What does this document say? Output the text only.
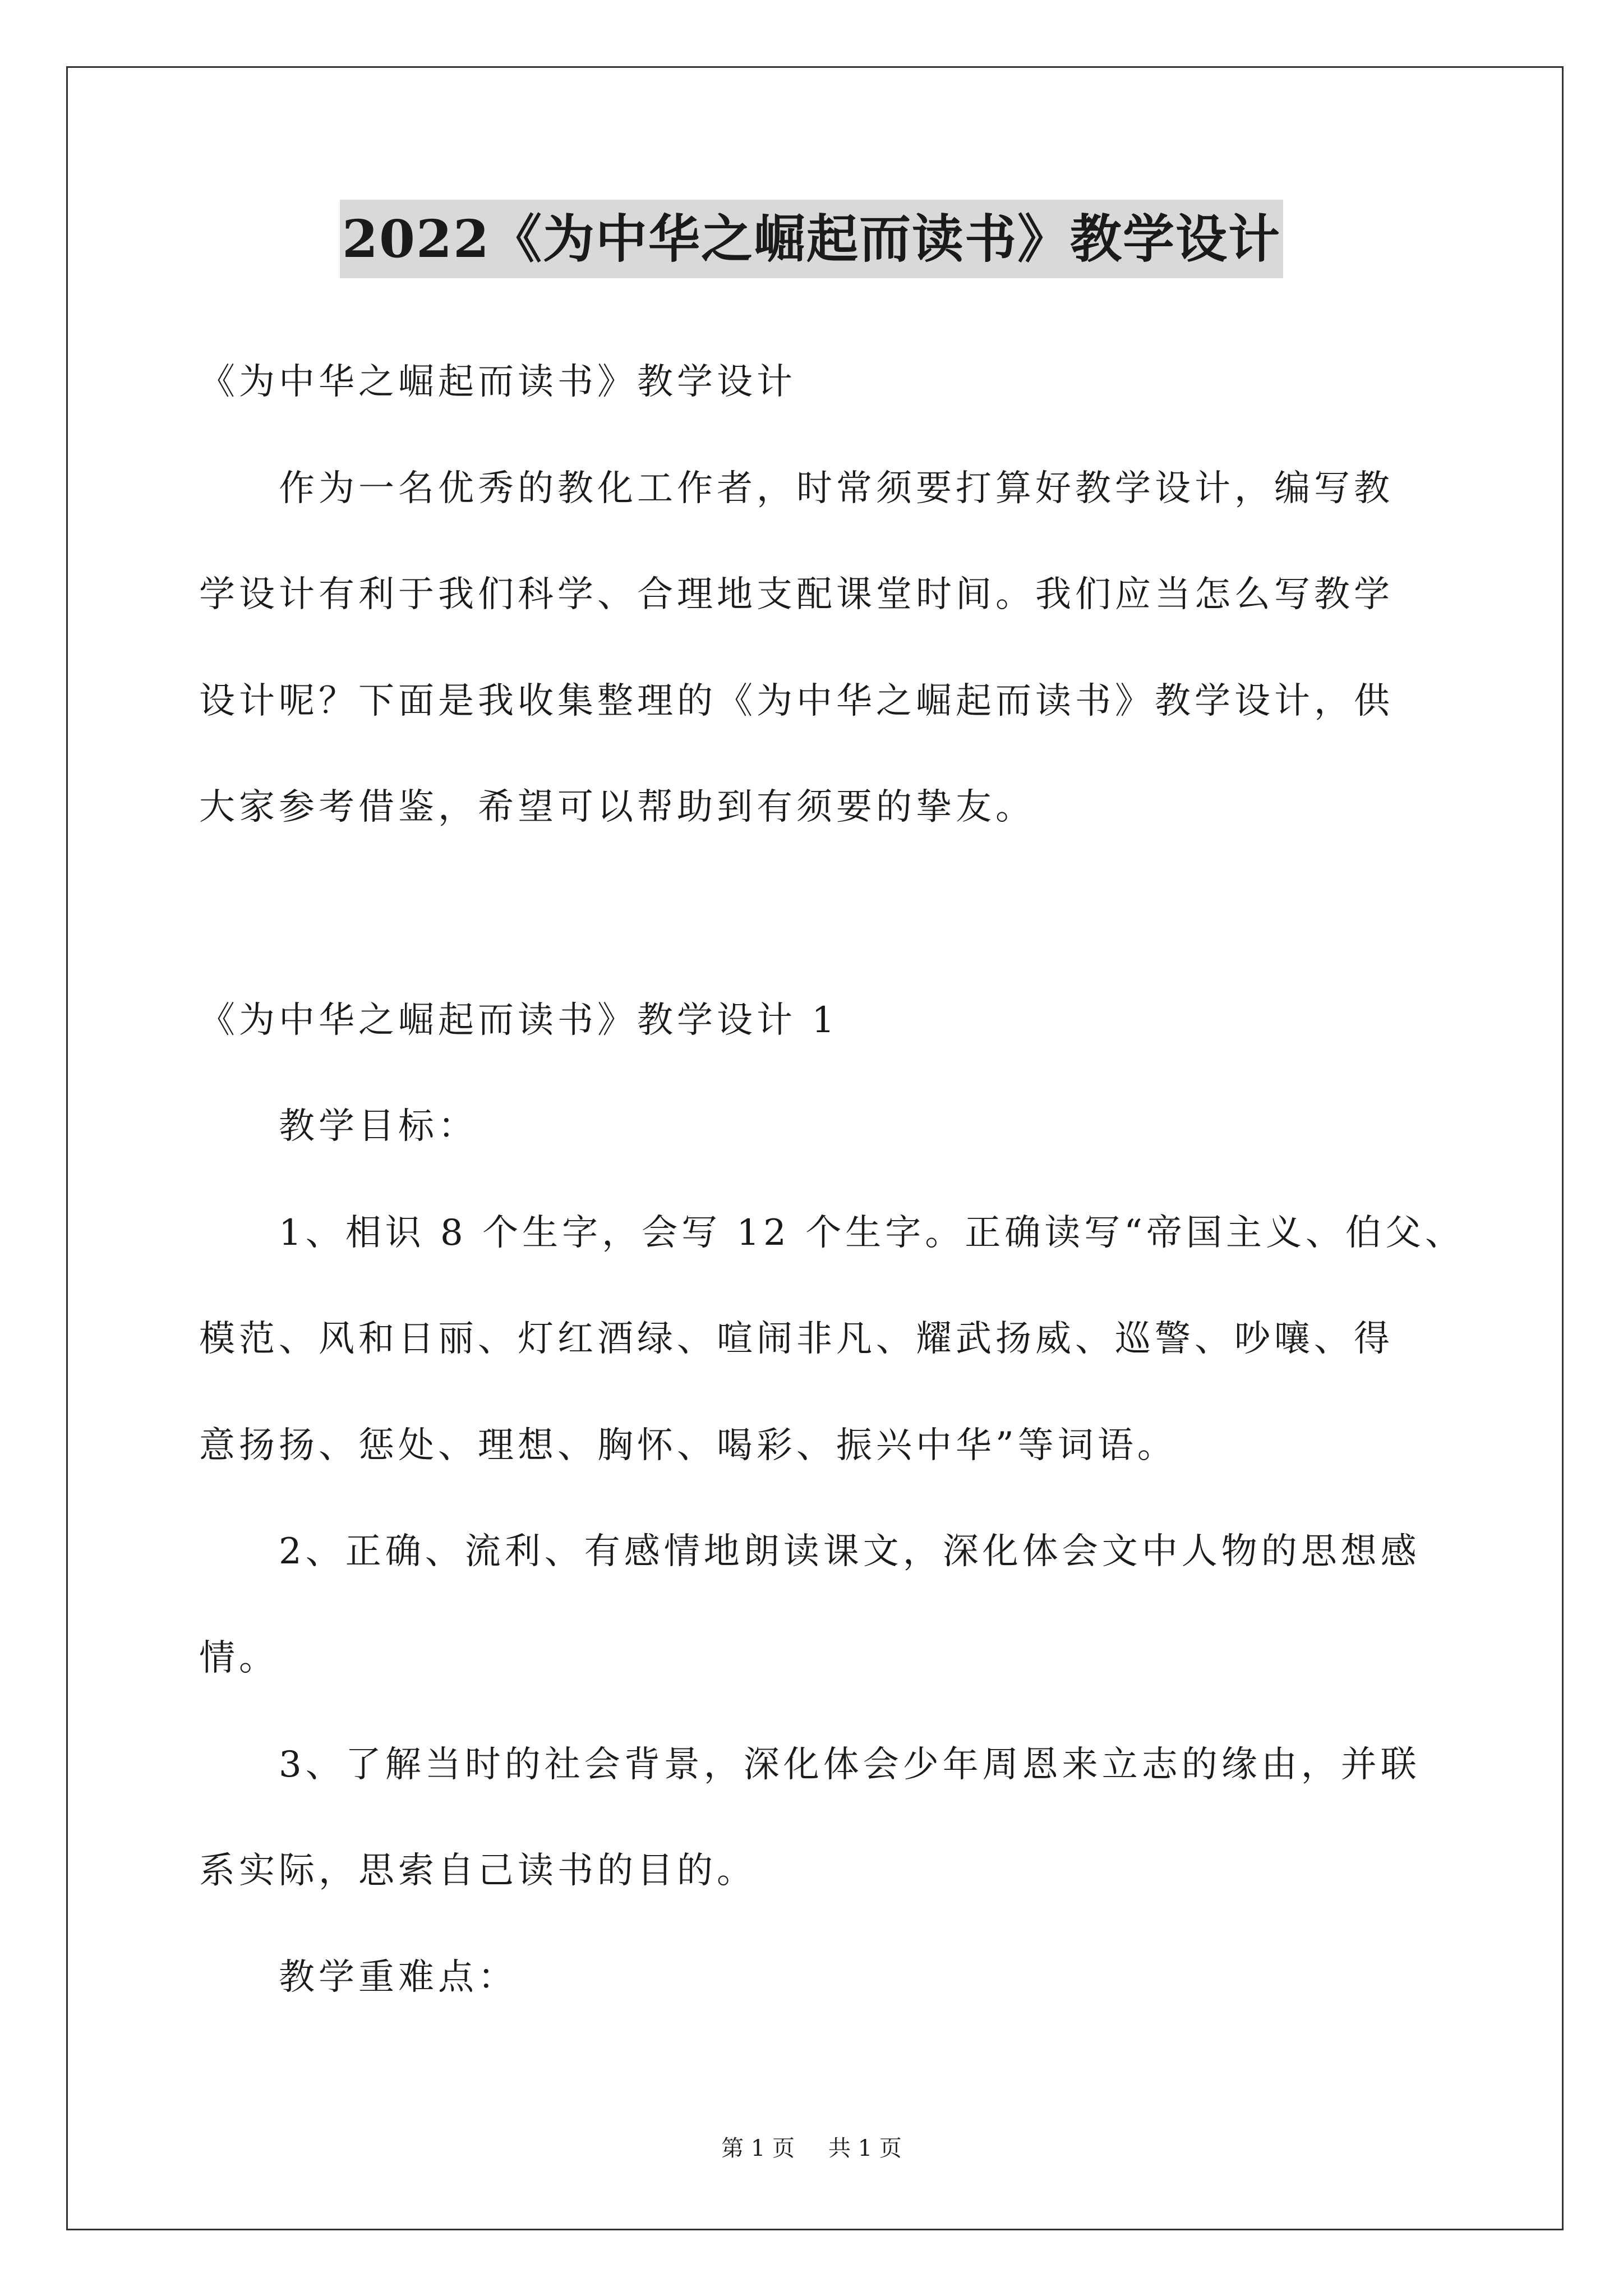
2022《为中华之崛起而读书》教学设计

《为中华之崛起而读书》教学设计

　　作为一名优秀的教化工作者，时常须要打算好教学设计，编写教

学设计有利于我们科学、合理地支配课堂时间。我们应当怎么写教学

设计呢？下面是我收集整理的《为中华之崛起而读书》教学设计，供

大家参考借鉴，希望可以帮助到有须要的挚友。

《为中华之崛起而读书》教学设计 1

　　教学目标：

　　1、相识 8 个生字，会写 12 个生字。正确读写“帝国主义、伯父、

模范、风和日丽、灯红酒绿、喧闹非凡、耀武扬威、巡警、吵嚷、得

意扬扬、惩处、理想、胸怀、喝彩、振兴中华”等词语。

　　2、正确、流利、有感情地朗读课文，深化体会文中人物的思想感

情。

　　3、了解当时的社会背景，深化体会少年周恩来立志的缘由，并联

系实际，思索自己读书的目的。

　　教学重难点：

第 1 页 共 1 页
